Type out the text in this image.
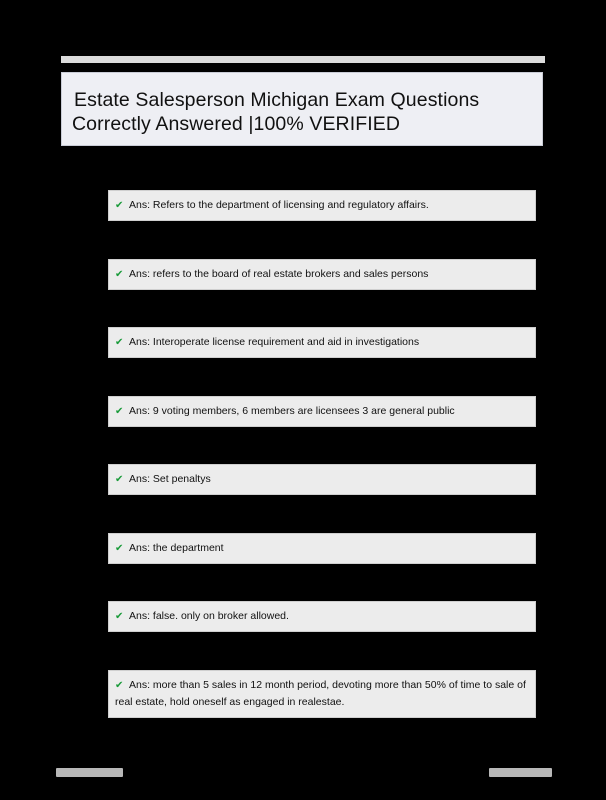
Estate Salesperson Michigan Exam Questions
Correctly Answered |100% VERIFIED
✔ Ans: Refers to the department of licensing and regulatory affairs.
✔ Ans: refers to the board of real estate brokers and sales persons
✔ Ans: Interoperate license requirement and aid in investigations
✔ Ans: 9 voting members, 6 members are licensees 3 are general public
✔ Ans: Set penaltys
✔ Ans: the department
✔ Ans: false. only on broker allowed.
✔ Ans: more than 5 sales in 12 month period, devoting more than 50% of time to sale of real estate, hold oneself as engaged in realestae.
